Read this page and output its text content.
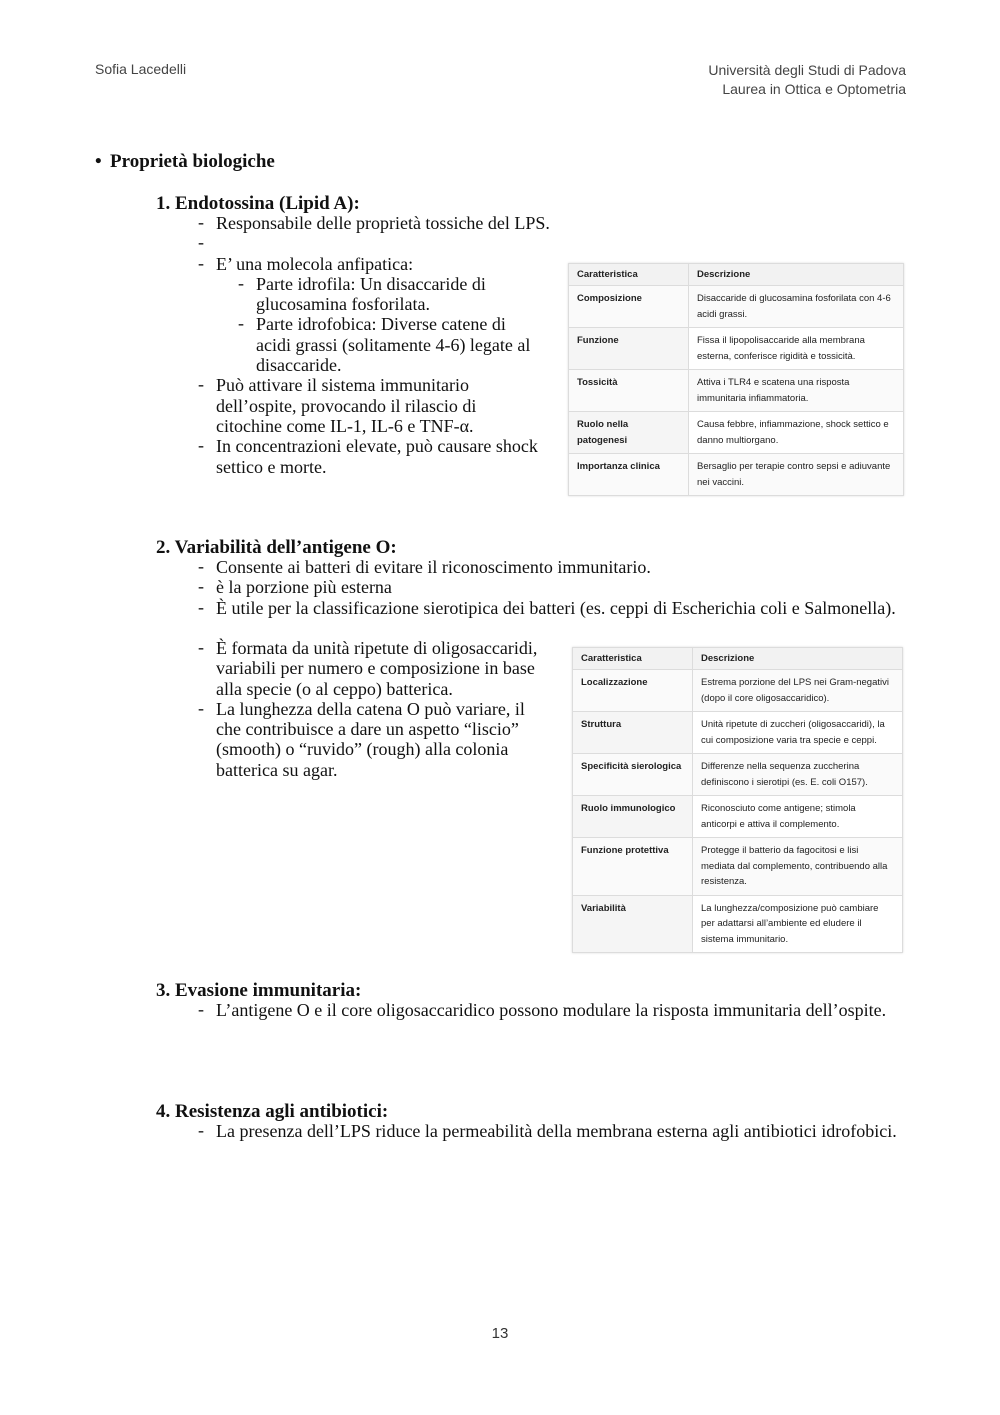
Sofia Lacedelli	Università degli Studi di Padova
Laurea in Ottica e Optometria
• Proprietà biologiche
1. Endotossina (Lipid A):
- Responsabile delle proprietà tossiche del LPS.
-
- E’ una molecola anfipatica:
- Parte idrofila: Un disaccaride di glucosamina fosforilata.
- Parte idrofobica: Diverse catene di acidi grassi (solitamente 4-6) legate al disaccaride.
- Può attivare il sistema immunitario dell’ospite, provocando il rilascio di citochine come IL-1, IL-6 e TNF-α.
- In concentrazioni elevate, può causare shock settico e morte.
Caratteristica	Descrizione
Composizione	Disaccaride di glucosamina fosforilata con 4-6 acidi grassi.
Funzione	Fissa il lipopolisaccaride alla membrana esterna, conferisce rigidità e tossicità.
Tossicità	Attiva i TLR4 e scatena una risposta immunitaria infiammatoria.
Ruolo nella patogenesi	Causa febbre, infiammazione, shock settico e danno multiorgano.
Importanza clinica	Bersaglio per terapie contro sepsi e adiuvante nei vaccini.
2. Variabilità dell’antigene O:
- Consente ai batteri di evitare il riconoscimento immunitario.
- è la porzione più esterna
- È utile per la classificazione sierotipica dei batteri (es. ceppi di Escherichia coli e Salmonella).
- È formata da unità ripetute di oligosaccaridi, variabili per numero e composizione in base alla specie (o al ceppo) batterica.
- La lunghezza della catena O può variare, il che contribuisce a dare un aspetto “liscio” (smooth) o “ruvido” (rough) alla colonia batterica su agar.
Caratteristica	Descrizione
Localizzazione	Estrema porzione del LPS nei Gram-negativi (dopo il core oligosaccaridico).
Struttura	Unità ripetute di zuccheri (oligosaccaridi), la cui composizione varia tra specie e ceppi.
Specificità sierologica	Differenze nella sequenza zuccherina definiscono i sierotipi (es. E. coli O157).
Ruolo immunologico	Riconosciuto come antigene; stimola anticorpi e attiva il complemento.
Funzione protettiva	Protegge il batterio da fagocitosi e lisi mediata dal complemento, contribuendo alla resistenza.
Variabilità	La lunghezza/composizione può cambiare per adattarsi all’ambiente ed eludere il sistema immunitario.
3. Evasione immunitaria:
- L’antigene O e il core oligosaccaridico possono modulare la risposta immunitaria dell’ospite.
4. Resistenza agli antibiotici:
- La presenza dell’LPS riduce la permeabilità della membrana esterna agli antibiotici idrofobici.
13
